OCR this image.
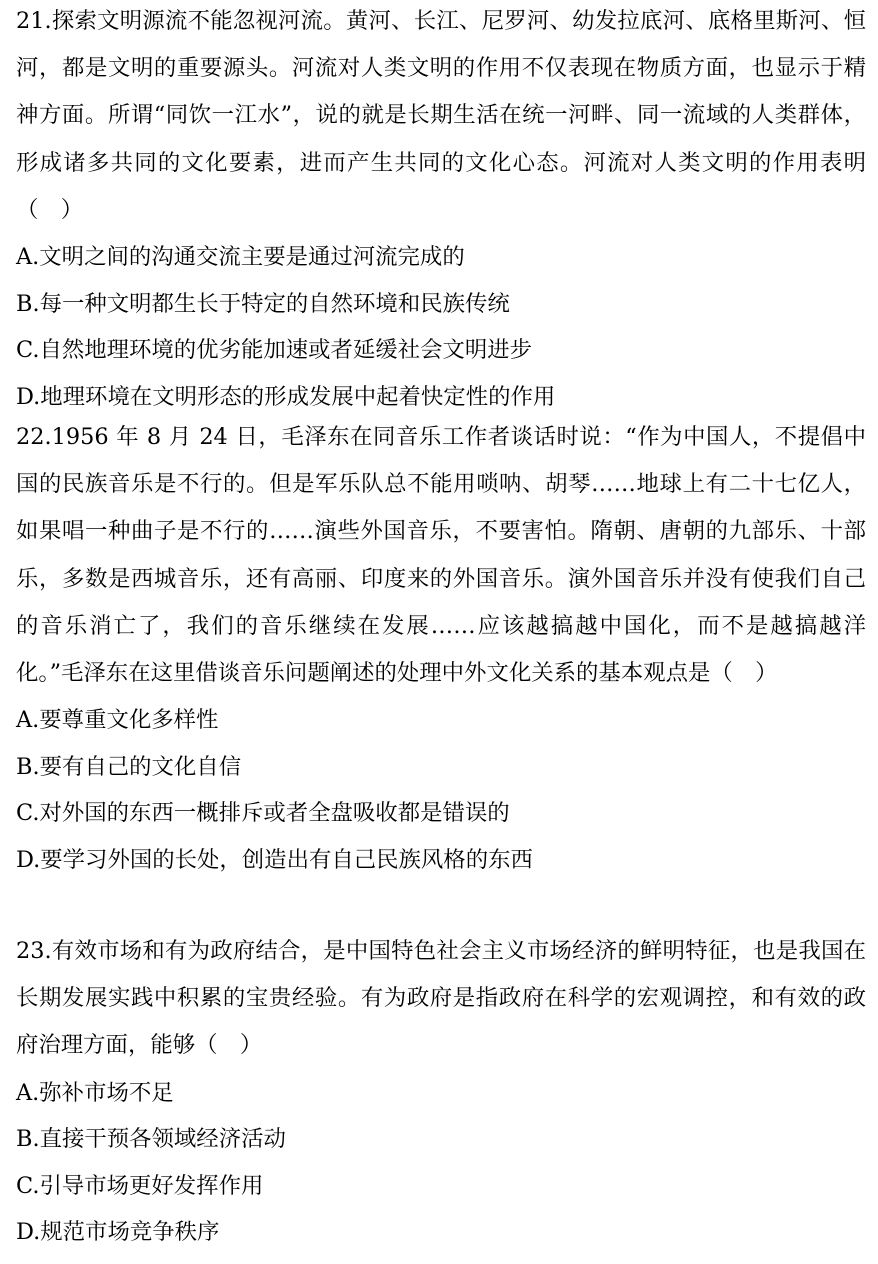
21.探索文明源流不能忽视河流。黄河、长江、尼罗河、幼发拉底河、底格里斯河、恒河，都是文明的重要源头。河流对人类文明的作用不仅表现在物质方面，也显示于精神方面。所谓“同饮一江水”，说的就是长期生活在统一河畔、同一流域的人类群体，形成诸多共同的文化要素，进而产生共同的文化心态。河流对人类文明的作用表明（　）

A.文明之间的沟通交流主要是通过河流完成的
B.每一种文明都生长于特定的自然环境和民族传统
C.自然地理环境的优劣能加速或者延缓社会文明进步
D.地理环境在文明形态的形成发展中起着快定性的作用

22.1956 年 8 月 24 日，毛泽东在同音乐工作者谈话时说：“作为中国人，不提倡中国的民族音乐是不行的。但是军乐队总不能用唢呐、胡琴……地球上有二十七亿人，如果唱一种曲子是不行的……演些外国音乐，不要害怕。隋朝、唐朝的九部乐、十部乐，多数是西城音乐，还有高丽、印度来的外国音乐。演外国音乐并没有使我们自己的音乐消亡了，我们的音乐继续在发展……应该越搞越中国化，而不是越搞越洋化。”毛泽东在这里借谈音乐问题阐述的处理中外文化关系的基本观点是（　）

A.要尊重文化多样性
B.要有自己的文化自信
C.对外国的东西一概排斥或者全盘吸收都是错误的
D.要学习外国的长处，创造出有自己民族风格的东西

23.有效市场和有为政府结合，是中国特色社会主义市场经济的鲜明特征，也是我国在长期发展实践中积累的宝贵经验。有为政府是指政府在科学的宏观调控，和有效的政府治理方面，能够（　）

A.弥补市场不足
B.直接干预各领域经济活动
C.引导市场更好发挥作用
D.规范市场竞争秩序
